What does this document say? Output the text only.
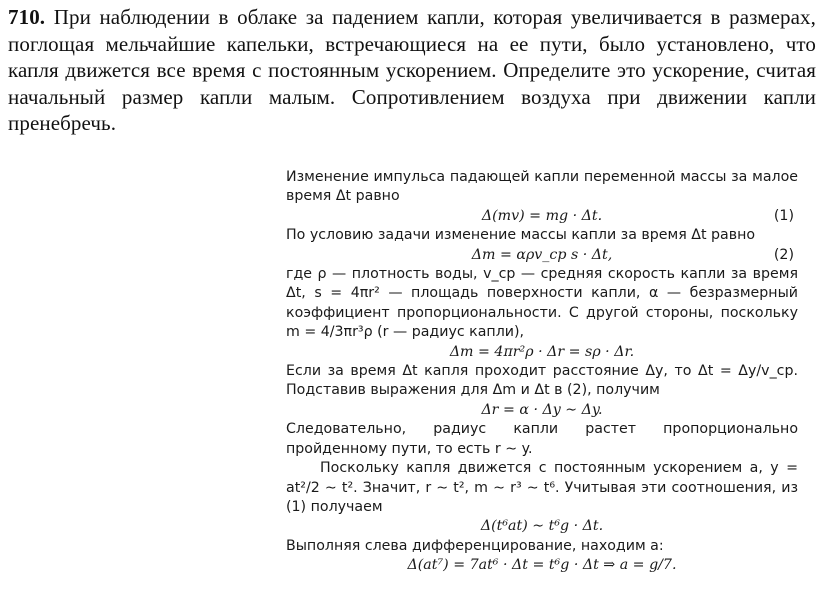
710. При наблюдении в облаке за падением капли, которая увеличивается в размерах, поглощая мельчайшие капельки, встречающиеся на ее пути, было установлено, что капля движется все время с постоянным ускорением. Определите это ускорение, считая начальный размер капли малым. Сопротивлением воздуха при движении капли пренебречь.

Изменение импульса падающей капли переменной массы за малое время Δt равно

Δ(mv) = mg · Δt.	(1)

По условию задачи изменение массы капли за время Δt равно

Δm = αρv_ср s · Δt,	(2)

где ρ — плотность воды, v_ср — средняя скорость капли за время Δt, s = 4πr² — площадь поверхности капли, α — безразмерный коэффициент пропорциональности. С другой стороны, поскольку m = 4/3πr³ρ (r — радиус капли),

Δm = 4πr²ρ · Δr = sρ · Δr.

Если за время Δt капля проходит расстояние Δy, то Δt = Δy/v_ср. Подставив выражения для Δm и Δt в (2), получим

Δr = α · Δy ∼ Δy.

Следовательно, радиус капли растет пропорционально пройденному пути, то есть r ∼ y.

Поскольку капля движется с постоянным ускорением a, y = at²/2 ∼ t². Значит, r ∼ t², m ∼ r³ ∼ t⁶. Учитывая эти соотношения, из (1) получаем

Δ(t⁶at) ∼ t⁶g · Δt.

Выполняя слева дифференцирование, находим a:

Δ(at⁷) = 7at⁶ · Δt = t⁶g · Δt ⇒ a = g/7.
